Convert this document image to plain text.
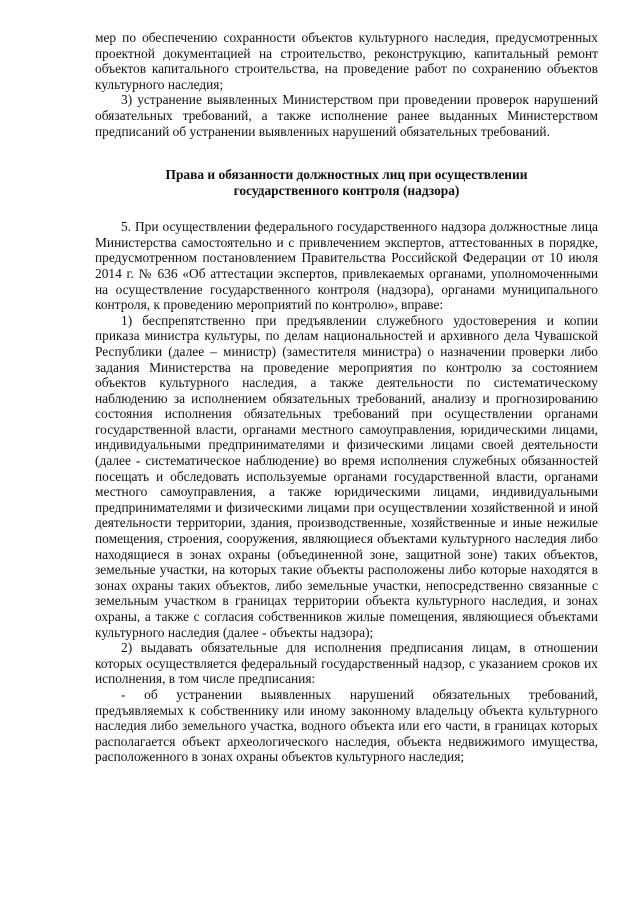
мер по обеспечению сохранности объектов культурного наследия, предусмотренных проектной документацией на строительство, реконструкцию, капитальный ремонт объектов капитального строительства, на проведение работ по сохранению объектов культурного наследия;

3) устранение выявленных Министерством при проведении проверок нарушений обязательных требований, а также исполнение ранее выданных Министерством предписаний об устранении выявленных нарушений обязательных требований.

Права и обязанности должностных лиц при осуществлении
государственного контроля (надзора)

5. При осуществлении федерального государственного надзора должностные лица Министерства самостоятельно и с привлечением экспертов, аттестованных в порядке, предусмотренном постановлением Правительства Российской Федерации от 10 июля 2014 г. № 636 «Об аттестации экспертов, привлекаемых органами, уполномоченными на осуществление государственного контроля (надзора), органами муниципального контроля, к проведению мероприятий по контролю», вправе:

1) беспрепятственно при предъявлении служебного удостоверения и копии приказа министра культуры, по делам национальностей и архивного дела Чувашской Республики (далее – министр) (заместителя министра) о назначении проверки либо задания Министерства на проведение мероприятия по контролю за состоянием объектов культурного наследия, а также деятельности по систематическому наблюдению за исполнением обязательных требований, анализу и прогнозированию состояния исполнения обязательных требований при осуществлении органами государственной власти, органами местного самоуправления, юридическими лицами, индивидуальными предпринимателями и физическими лицами своей деятельности (далее - систематическое наблюдение) во время исполнения служебных обязанностей посещать и обследовать используемые органами государственной власти, органами местного самоуправления, а также юридическими лицами, индивидуальными предпринимателями и физическими лицами при осуществлении хозяйственной и иной деятельности территории, здания, производственные, хозяйственные и иные нежилые помещения, строения, сооружения, являющиеся объектами культурного наследия либо находящиеся в зонах охраны (объединенной зоне, защитной зоне) таких объектов, земельные участки, на которых такие объекты расположены либо которые находятся в зонах охраны таких объектов, либо земельные участки, непосредственно связанные с земельным участком в границах территории объекта культурного наследия, и зонах охраны, а также с согласия собственников жилые помещения, являющиеся объектами культурного наследия (далее - объекты надзора);

2) выдавать обязательные для исполнения предписания лицам, в отношении которых осуществляется федеральный государственный надзор, с указанием сроков их исполнения, в том числе предписания:

- об устранении выявленных нарушений обязательных требований, предъявляемых к собственнику или иному законному владельцу объекта культурного наследия либо земельного участка, водного объекта или его части, в границах которых располагается объект археологического наследия, объекта недвижимого имущества, расположенного в зонах охраны объектов культурного наследия;
